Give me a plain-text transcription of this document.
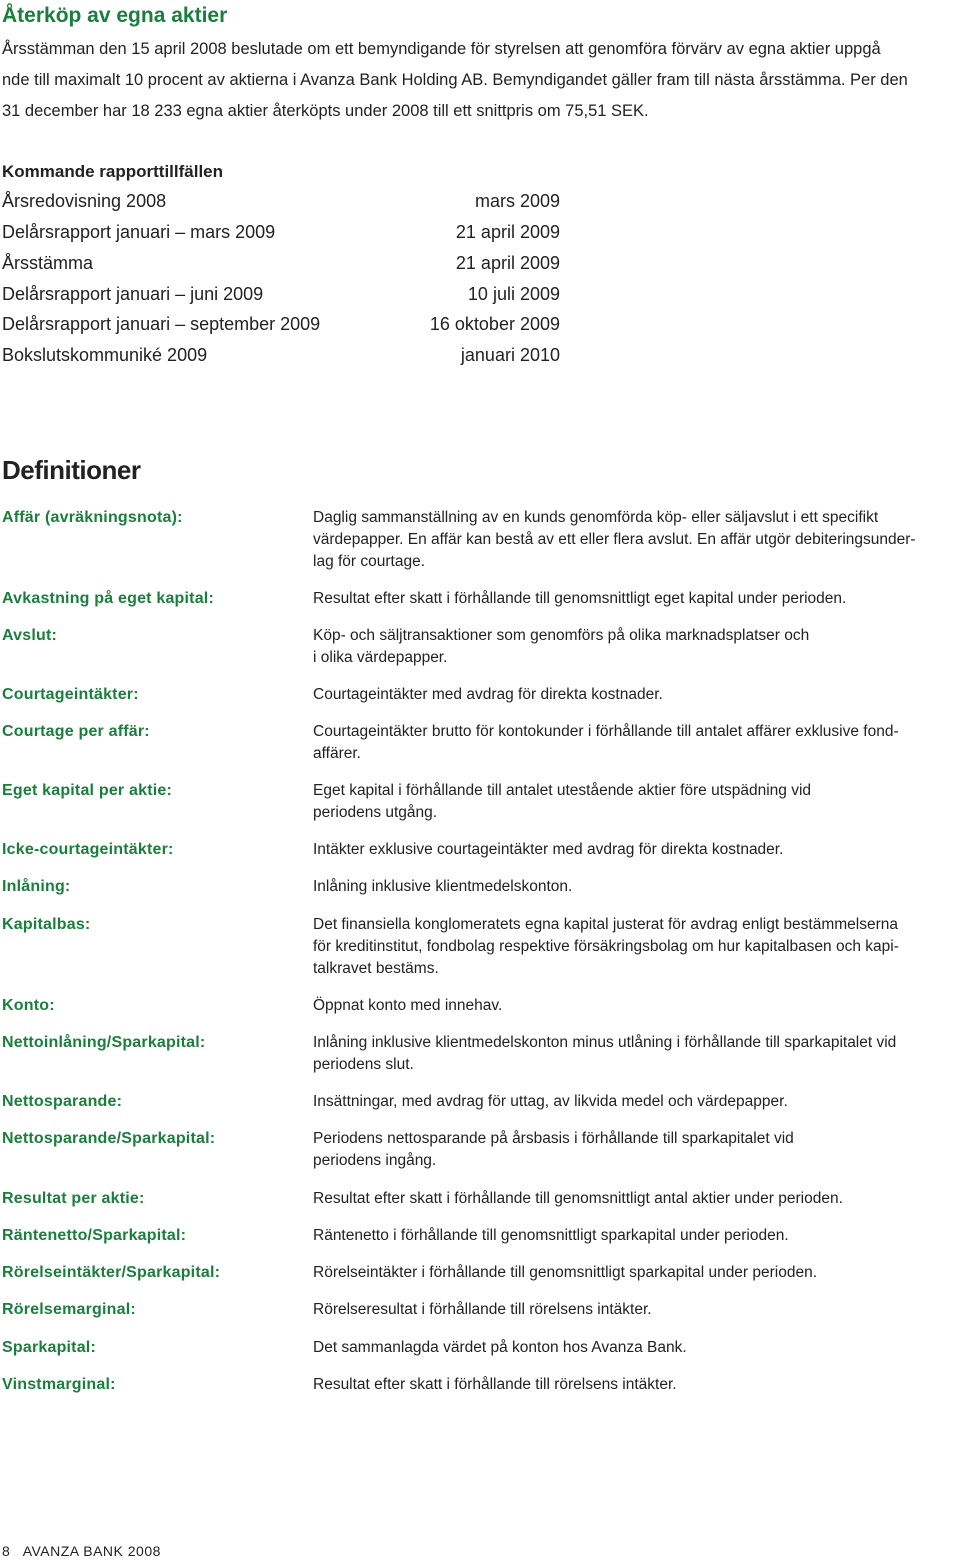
Återköp av egna aktier
Årsstämman den 15 april 2008 beslutade om ett bemyndigande för styrelsen att genomföra förvärv av egna aktier uppgå
nde till maximalt 10 procent av aktierna i Avanza Bank Holding AB. Bemyndigandet gäller fram till nästa årsstämma. Per den
31 december har 18 233 egna aktier återköpts under 2008 till ett snittpris om 75,51 SEK.
Kommande rapporttillfällen
Årsredovisning 2008	mars 2009
Delårsrapport januari – mars 2009	21 april 2009
Årsstämma	21 april 2009
Delårsrapport januari – juni 2009	10 juli 2009
Delårsrapport januari – september 2009	16 oktober 2009
Bokslutskommuniké 2009	januari 2010
Definitioner
Affär (avräkningsnota):	Daglig sammanställning av en kunds genomförda köp- eller säljavslut i ett specifikt
värdepapper. En affär kan bestå av ett eller flera avslut. En affär utgör debiteringsunder-
lag för courtage.
Avkastning på eget kapital:	Resultat efter skatt i förhållande till genomsnittligt eget kapital under perioden.
Avslut:	Köp- och säljtransaktioner som genomförs på olika marknadsplatser och
i olika värdepapper.
Courtageintäkter:	Courtageintäkter med avdrag för direkta kostnader.
Courtage per affär:	Courtageintäkter brutto för kontokunder i förhållande till antalet affärer exklusive fond-
affärer.
Eget kapital per aktie:	Eget kapital i förhållande till antalet utestående aktier före utspädning vid
periodens utgång.
Icke-courtageintäkter:	Intäkter exklusive courtageintäkter med avdrag för direkta kostnader.
Inlåning:	Inlåning inklusive klientmedelskonton.
Kapitalbas:	Det finansiella konglomeratets egna kapital justerat för avdrag enligt bestämmelserna
för kreditinstitut, fondbolag respektive försäkringsbolag om hur kapitalbasen och kapi-
talkravet bestäms.
Konto:	Öppnat konto med innehav.
Nettoinlåning/Sparkapital:	Inlåning inklusive klientmedelskonton minus utlåning i förhållande till sparkapitalet vid
periodens slut.
Nettosparande:	Insättningar, med avdrag för uttag, av likvida medel och värdepapper.
Nettosparande/Sparkapital:	Periodens nettosparande på årsbasis i förhållande till sparkapitalet vid
periodens ingång.
Resultat per aktie:	Resultat efter skatt i förhållande till genomsnittligt antal aktier under perioden.
Räntenetto/Sparkapital:	Räntenetto i förhållande till genomsnittligt sparkapital under perioden.
Rörelseintäkter/Sparkapital:	Rörelseintäkter i förhållande till genomsnittligt sparkapital under perioden.
Rörelsemarginal:	Rörelseresultat i förhållande till rörelsens intäkter.
Sparkapital:	Det sammanlagda värdet på konton hos Avanza Bank.
Vinstmarginal:	Resultat efter skatt i förhållande till rörelsens intäkter.
8 AVANZA BANK 2008
